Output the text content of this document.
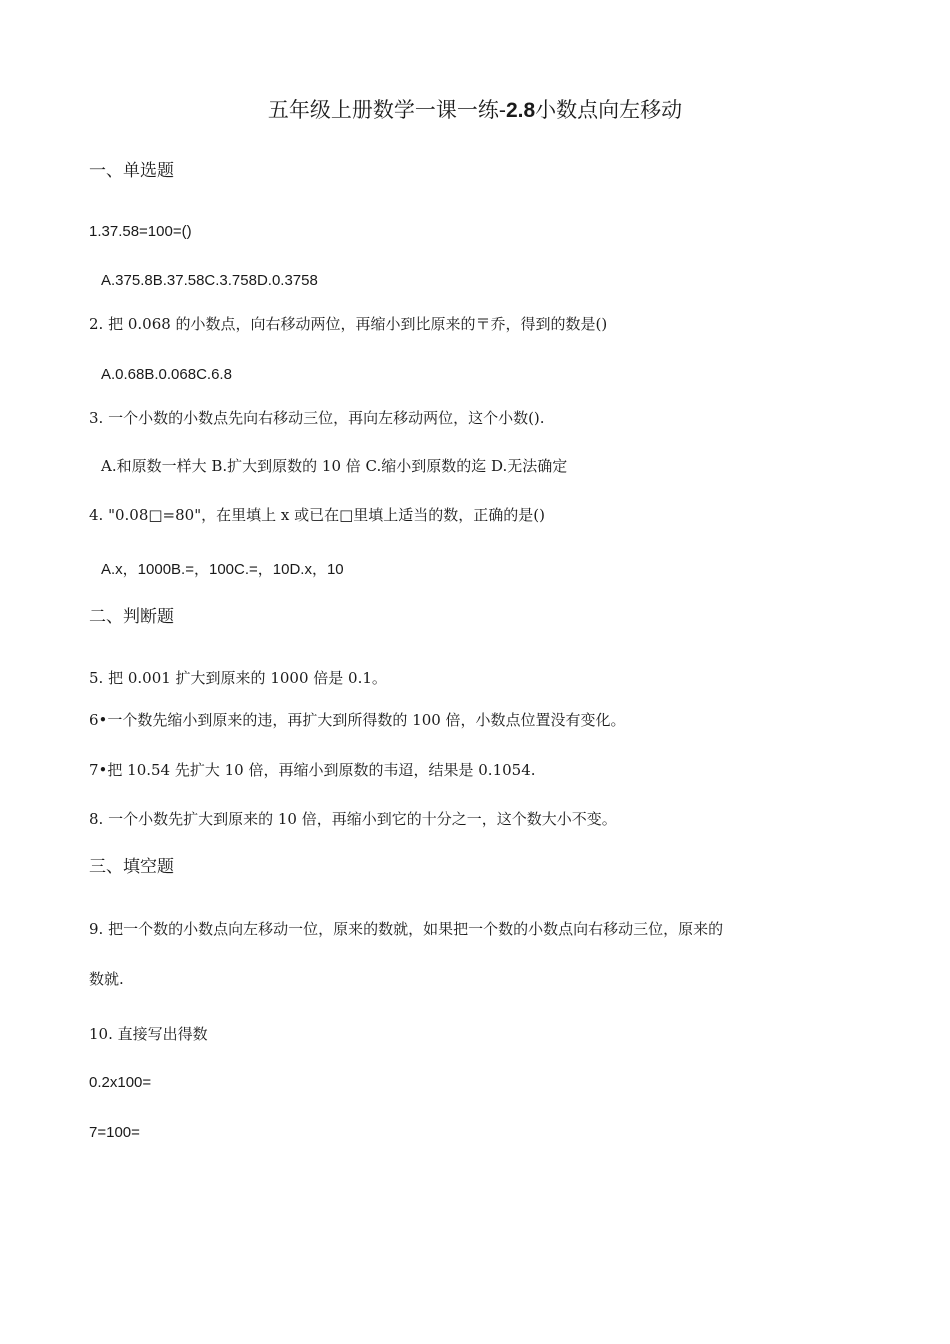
五年级上册数学一课一练-2.8小数点向左移动
一、单选题
1.37.58=100=()
A.375.8B.37.58C.3.758D.0.3758
2. 把 0.068 的小数点，向右移动两位，再缩小到比原来的〒乔，得到的数是()
A.0.68B.0.068C.6.8
3. 一个小数的小数点先向右移动三位，再向左移动两位，这个小数().
A.和原数一样大 B.扩大到原数的 10 倍 C.缩小到原数的迄 D.无法确定
4. "0.08□=80"，在里填上 x 或已在□里填上适当的数，正确的是()
A.x，1000B.=，100C.=，10D.x，10
二、判断题
5. 把 0.001 扩大到原来的 1000 倍是 0.1。
6•一个数先缩小到原来的违，再扩大到所得数的 100 倍，小数点位置没有变化。
7•把 10.54 先扩大 10 倍，再缩小到原数的韦迢，结果是 0.1054.
8. 一个小数先扩大到原来的 10 倍，再缩小到它的十分之一，这个数大小不变。
三、填空题
9. 把一个数的小数点向左移动一位，原来的数就，如果把一个数的小数点向右移动三位，原来的
数就.
10. 直接写出得数
0.2x100=
7=100=
